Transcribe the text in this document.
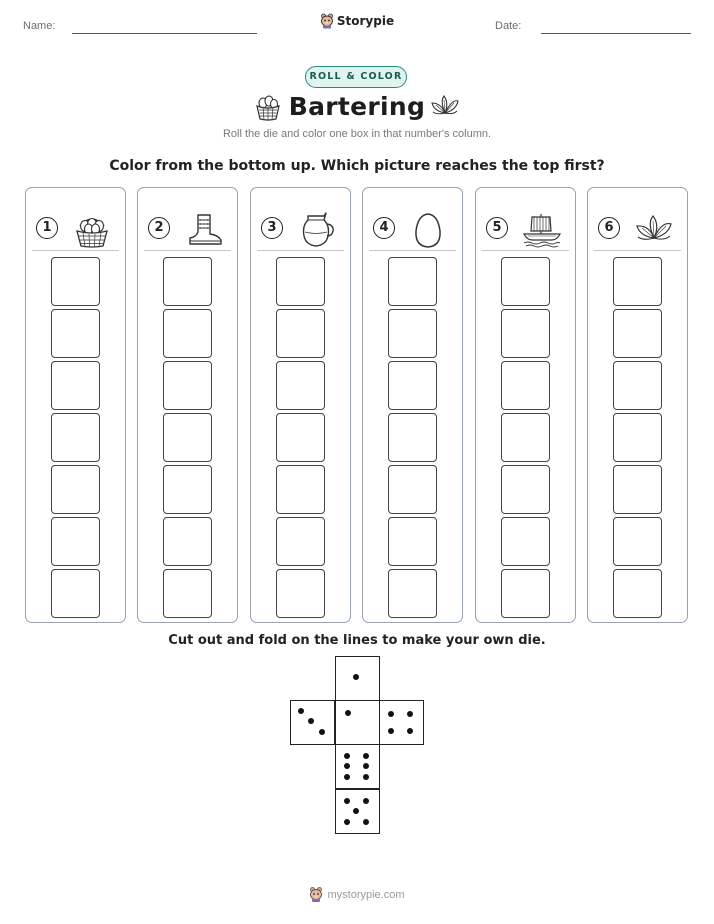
Name:	Storypie	Date:
ROLL & COLOR
Bartering
Roll the die and color one box in that number's column.
Color from the bottom up. Which picture reaches the top first?
1	2	3	4	5	6
Cut out and fold on the lines to make your own die.
mystorypie.com
